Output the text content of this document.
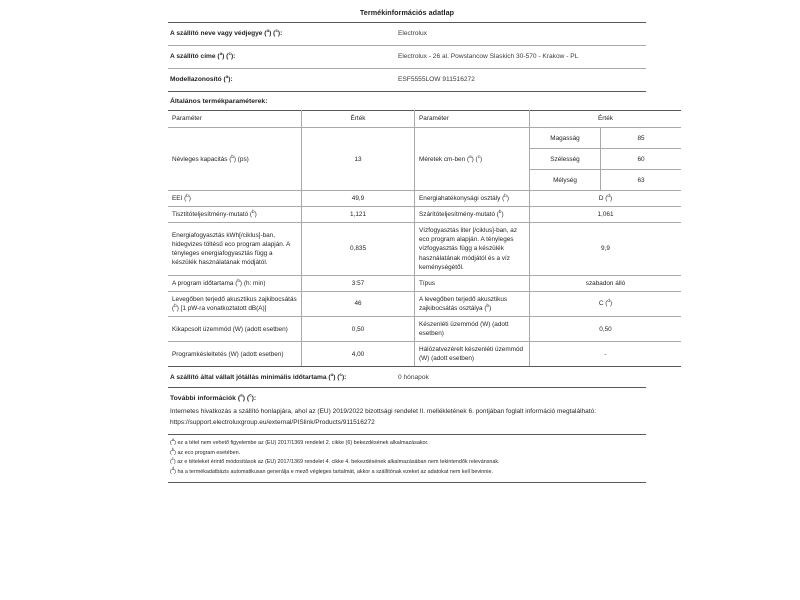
Termékinformációs adatlap
A szállító neve vagy védjegye ($^a$) ($^c$):	Electrolux
A szállító címe ($^a$) ($^c$):	Electrolux - 26 al. Powstancow Slaskich 30-570 - Krakow - PL
Modellazonosító ($^a$):	ESF5555LOW 911516272
Általános termékparaméterek:
Paraméter	Érték	Paraméter	Érték
Névleges kapacitás ($^b$) (ps)	13	Méretek cm-ben ($^a$) ($^c$)	
Magasság	85
Szélesség	60
Mélység	63

EEI ($^b$)	49,9	Energiahatékonysági osztály ($^b$)	D ($^d$)
Tisztítóteljesítmény-mutató ($^b$)	1,121	Szárítóteljesítmény-mutató ($^b$)	1,061
Energiafogyasztás kWh[/ciklus]-ban, hidegvizes töltésű eco program alapján. A tényleges energiafogyasztás függ a készülék használatának módjától.	0,835	Vízfogyasztás liter [/ciklus]-ban, az eco program alapján. A tényleges vízfogyasztás függ a készülék használatának módjától és a víz keménységétől.	9,9
A program időtartama ($^b$) (h: min)	3:57	Típus	szabadon álló
Levegőben terjedő akusztikus zajkibocsátás ($^b$) [1 pW-ra vonatkoztatott dB(A)]	46	A levegőben terjedő akusztikus zajkibocsátás osztálya ($^b$)	C ($^d$)
Kikapcsolt üzemmód (W) (adott esetben)	0,50	Készenléti üzemmód (W) (adott esetben)	0,50
Programkésleltetés (W) (adott esetben)	4,00	Hálózatvezérelt készenléti üzemmód (W) (adott esetben)	-
A szállító által vállalt jótállás minimális időtartama ($^a$) ($^c$):	0 hónapok
További információk ($^a$) ($^c$):
Internetes hivatkozás a szállító honlapjára, ahol az (EU) 2019/2022 bizottsági rendelet II. mellékletének 6. pontjában foglalt információ megtalálható: https://support.electroluxgroup.eu/external/PISlink/Products/911516272
($^a$) ez a tétel nem vehető figyelembe az (EU) 2017/1369 rendelet 2. cikke (6) bekezdésének alkalmazásakor.
($^b$) az eco program esetében.
($^c$) az e tételeket érintő módosítások az (EU) 2017/1369 rendelet 4. cikke 4. bekezdésének alkalmazásában nem tekintendők relevánsnak.
($^d$) ha a termékadatbázis automatikusan generálja e mező végleges tartalmát, akkor a szállítónak ezeket az adatokat nem kell bevinnie.
